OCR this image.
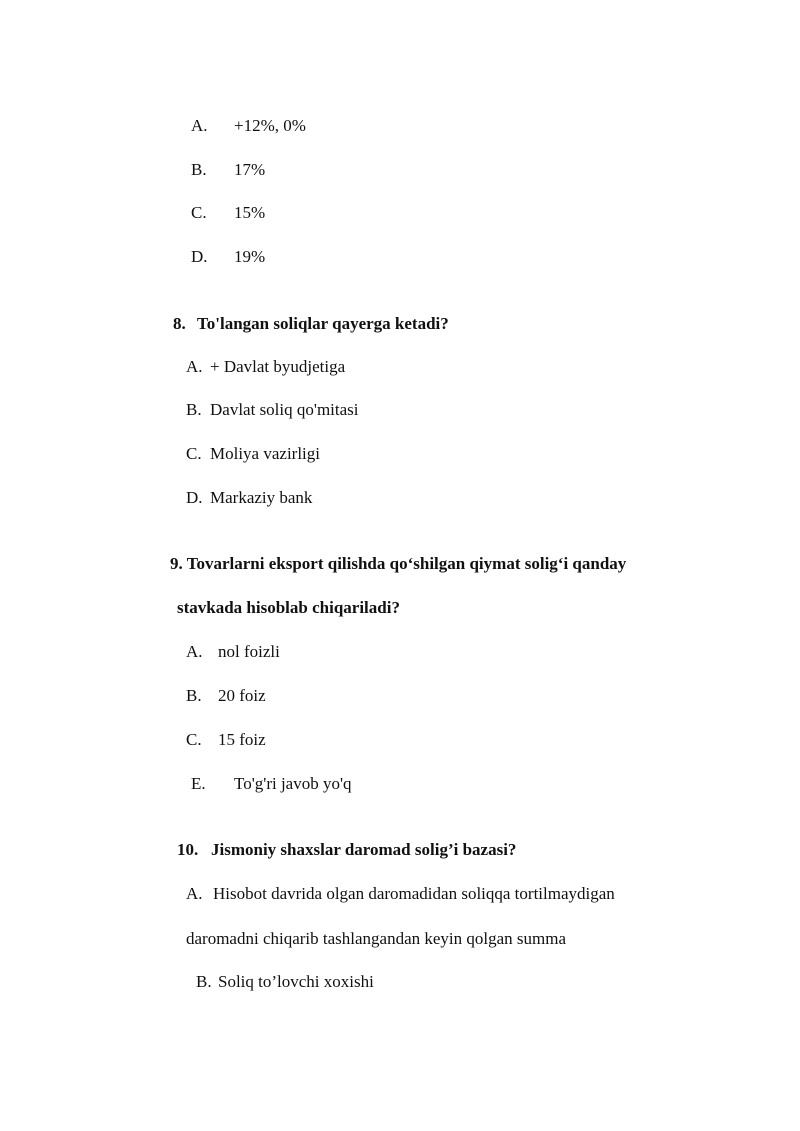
A. +12%, 0%
B. 17%
C. 15%
D. 19%
8. To'langan soliqlar qayerga ketadi?
A. + Davlat byudjetiga
B. Davlat soliq qo'mitasi
C. Moliya vazirligi
D. Markaziy bank
9. Tovarlarni eksport qilishda qo‘shilgan qiymat solig‘i qanday
stavkada hisoblab chiqariladi?
A. nol foizli
B. 20 foiz
C. 15 foiz
E. To'g'ri javob yo'q
10. Jismoniy shaxslar daromad solig’i bazasi?
A. Hisobot davrida olgan daromadidan soliqqa tortilmaydigan
daromadni chiqarib tashlangandan keyin qolgan summa
B. Soliq to’lovchi xoxishi
